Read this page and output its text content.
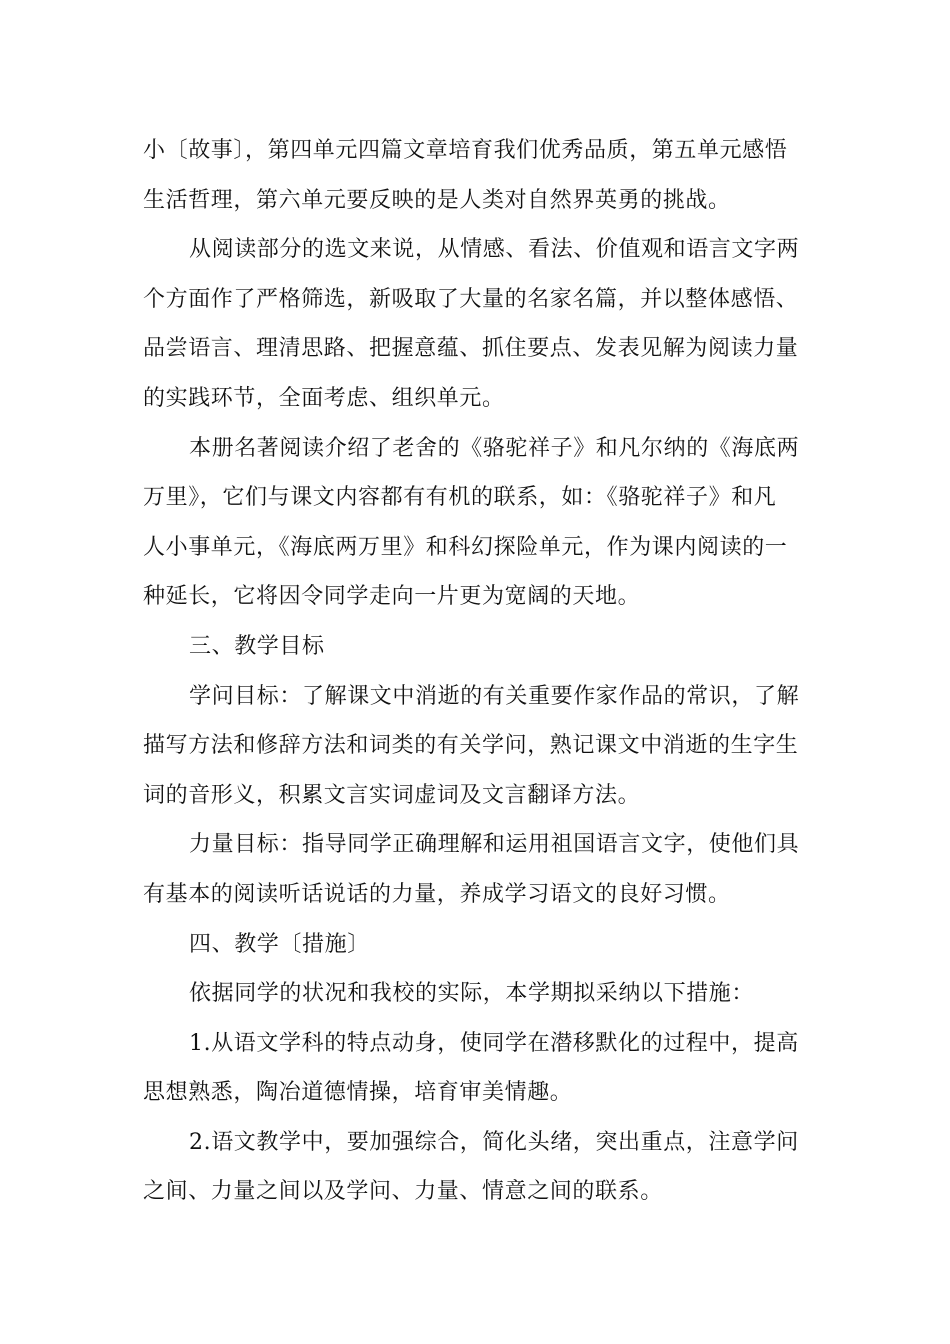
小〔故事〕，第四单元四篇文章培育我们优秀品质，第五单元感悟

生活哲理，第六单元要反映的是人类对自然界英勇的挑战。

从阅读部分的选文来说，从情感、看法、价值观和语言文字两

个方面作了严格筛选，新吸取了大量的名家名篇，并以整体感悟、

品尝语言、理清思路、把握意蕴、抓住要点、发表见解为阅读力量

的实践环节，全面考虑、组织单元。

本册名著阅读介绍了老舍的《骆驼祥子》和凡尔纳的《海底两

万里》，它们与课文内容都有有机的联系，如：《骆驼祥子》和凡

人小事单元，《海底两万里》和科幻探险单元，作为课内阅读的一

种延长，它将因令同学走向一片更为宽阔的天地。

三、教学目标

学问目标：了解课文中消逝的有关重要作家作品的常识，了解

描写方法和修辞方法和词类的有关学问，熟记课文中消逝的生字生

词的音形义，积累文言实词虚词及文言翻译方法。

力量目标：指导同学正确理解和运用祖国语言文字，使他们具

有基本的阅读听话说话的力量，养成学习语文的良好习惯。

四、教学〔措施〕

依据同学的状况和我校的实际，本学期拟采纳以下措施：

1.从语文学科的特点动身，使同学在潜移默化的过程中，提高

思想熟悉，陶冶道德情操，培育审美情趣。

2.语文教学中，要加强综合，简化头绪，突出重点，注意学问

之间、力量之间以及学问、力量、情意之间的联系。
